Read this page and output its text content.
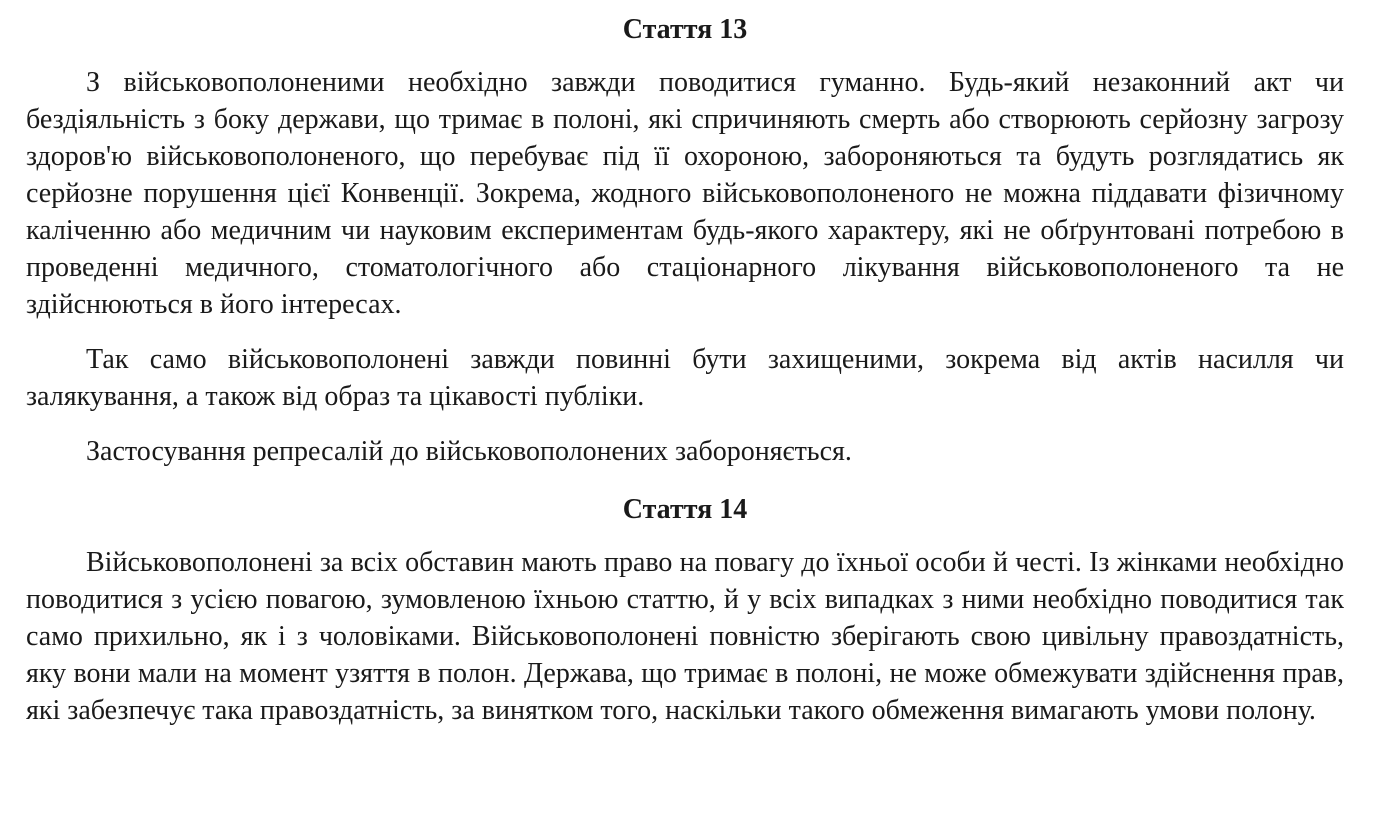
Стаття 13

З військовополоненими необхідно завжди поводитися гуманно. Будь-який незаконний акт чи бездіяльність з боку держави, що тримає в полоні, які спричиняють смерть або створюють серйозну загрозу здоров'ю військовополоненого, що перебуває під її охороною, забороняються та будуть розглядатись як серйозне порушення цієї Конвенції. Зокрема, жодного військовополоненого не можна піддавати фізичному каліченню або медичним чи науковим експериментам будь-якого характеру, які не обґрунтовані потребою в проведенні медичного, стоматологічного або стаціонарного лікування військовополоненого та не здійснюються в його інтересах.

Так само військовополонені завжди повинні бути захищеними, зокрема від актів насилля чи залякування, а також від образ та цікавості публіки.

Застосування репресалій до військовополонених забороняється.

Стаття 14

Військовополонені за всіх обставин мають право на повагу до їхньої особи й честі. Із жінками необхідно поводитися з усією повагою, зумовленою їхньою статтю, й у всіх випадках з ними необхідно поводитися так само прихильно, як і з чоловіками. Військовополонені повністю зберігають свою цивільну правоздатність, яку вони мали на момент узяття в полон. Держава, що тримає в полоні, не може обмежувати здійснення прав, які забезпечує така правоздатність, за винятком того, наскільки такого обмеження вимагають умови полону.
